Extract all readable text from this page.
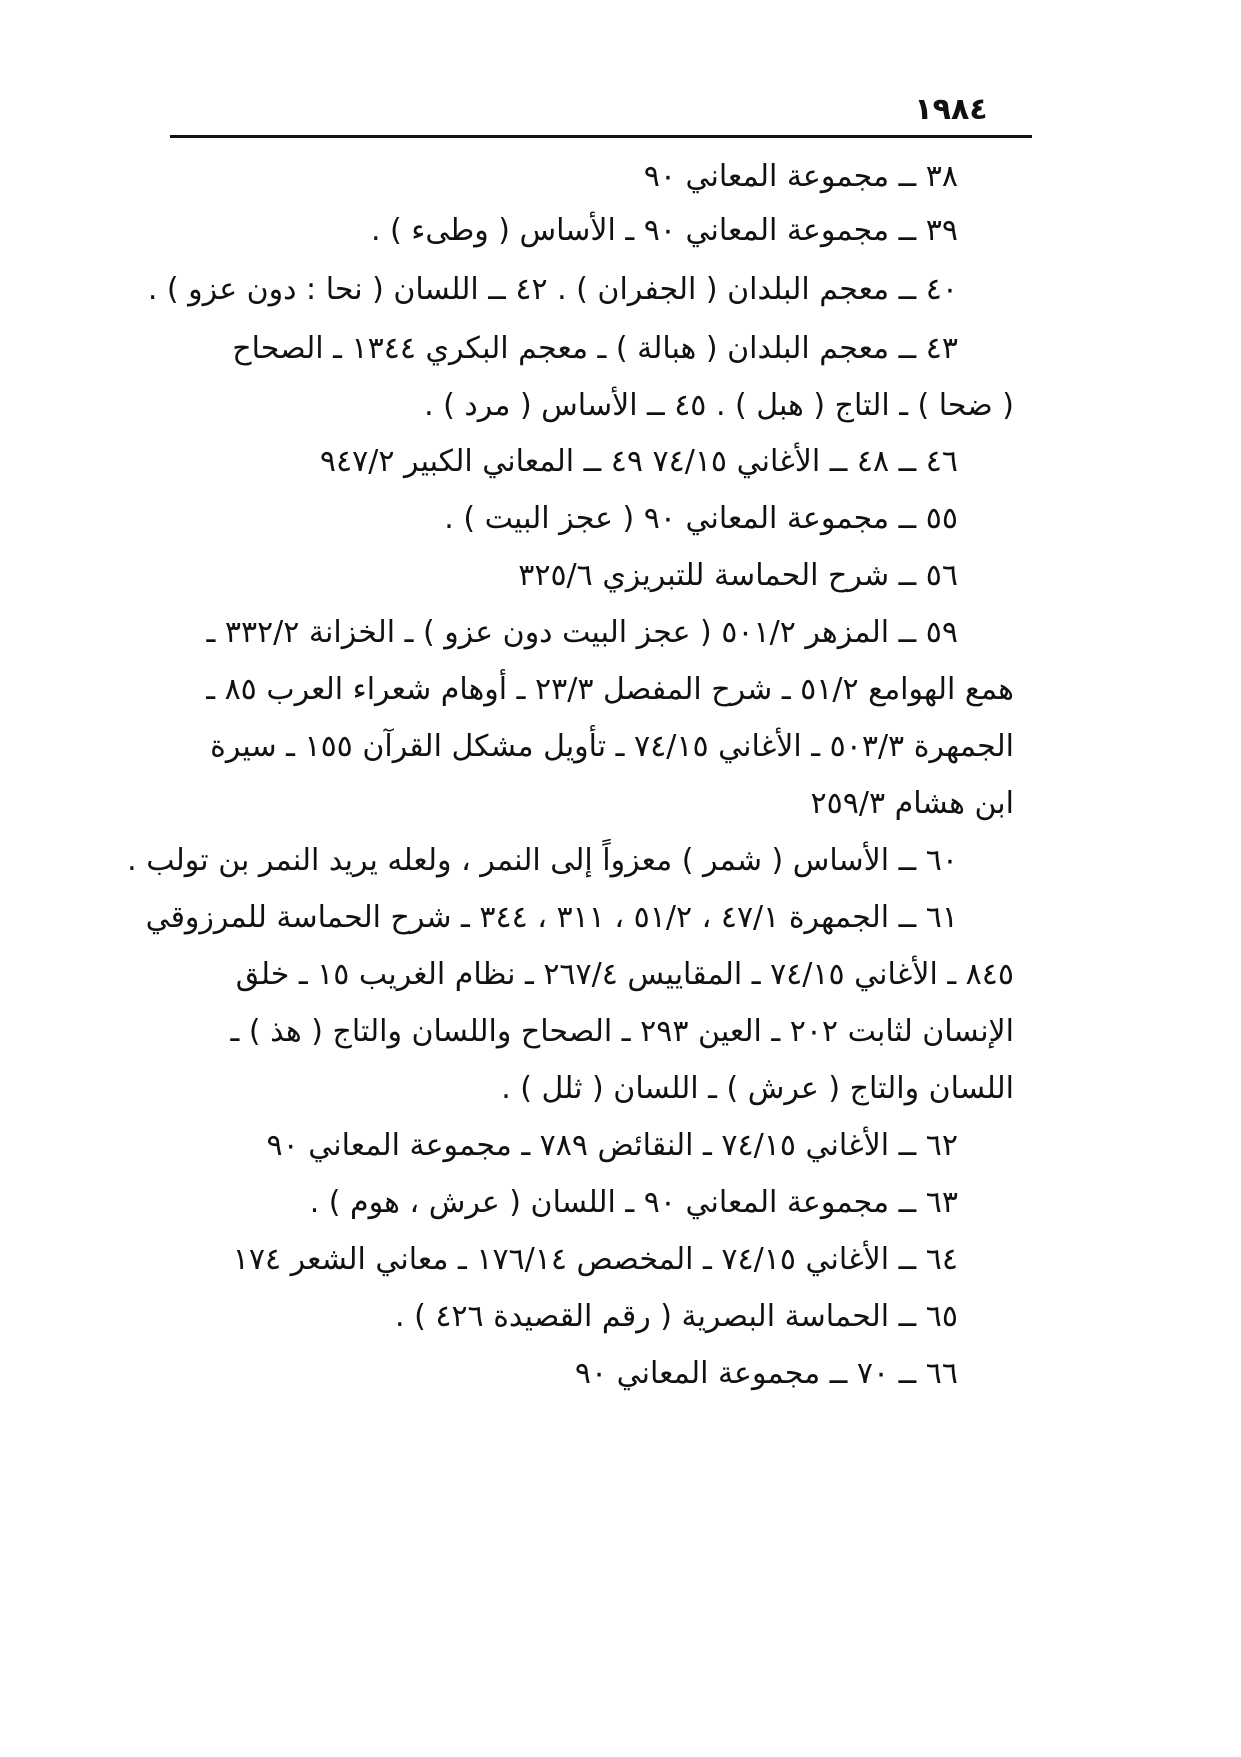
١٩٨٤
٣٨ ــ مجموعة المعاني ٩٠
٣٩ ــ مجموعة المعاني ٩٠ ـ الأساس ( وطىء ) .
٤٠ ــ معجم البلدان ( الجفران ) . ٤٢ ــ اللسان ( نحا : دون عزو ) .
٤٣ ــ معجم البلدان ( هبالة ) ـ معجم البكري ١٣٤٤ ـ الصحاح
( ضحا ) ـ التاج ( هبل ) . ٤٥ ــ الأساس ( مرد ) .
٤٦ ــ ٤٨ ــ الأغاني ٧٤/١٥ ٤٩ ــ المعاني الكبير ٩٤٧/٢
٥٥ ــ مجموعة المعاني ٩٠ ( عجز البيت ) .
٥٦ ــ شرح الحماسة للتبريزي ٣٢٥/٦
٥٩ ــ المزهر ٥٠١/٢ ( عجز البيت دون عزو ) ـ الخزانة ٣٣٢/٢ ـ
همع الهوامع ٥١/٢ ـ شرح المفصل ٢٣/٣ ـ أوهام شعراء العرب ٨٥ ـ
الجمهرة ٥٠٣/٣ ـ الأغاني ٧٤/١٥ ـ تأويل مشكل القرآن ١٥٥ ـ سيرة
ابن هشام ٢٥٩/٣
٦٠ ــ الأساس ( شمر ) معزواً إلى النمر ، ولعله يريد النمر بن تولب .
٦١ ــ الجمهرة ٤٧/١ ، ٥١/٢ ، ٣١١ ، ٣٤٤ ـ شرح الحماسة للمرزوقي
٨٤٥ ـ الأغاني ٧٤/١٥ ـ المقاييس ٢٦٧/٤ ـ نظام الغريب ١٥ ـ خلق
الإنسان لثابت ٢٠٢ ـ العين ٢٩٣ ـ الصحاح واللسان والتاج ( هذ ) ـ
اللسان والتاج ( عرش ) ـ اللسان ( ثلل ) .
٦٢ ــ الأغاني ٧٤/١٥ ـ النقائض ٧٨٩ ـ مجموعة المعاني ٩٠
٦٣ ــ مجموعة المعاني ٩٠ ـ اللسان ( عرش ، هوم ) .
٦٤ ــ الأغاني ٧٤/١٥ ـ المخصص ١٧٦/١٤ ـ معاني الشعر ١٧٤
٦٥ ــ الحماسة البصرية ( رقم القصيدة ٤٢٦ ) .
٦٦ ــ ٧٠ ــ مجموعة المعاني ٩٠
